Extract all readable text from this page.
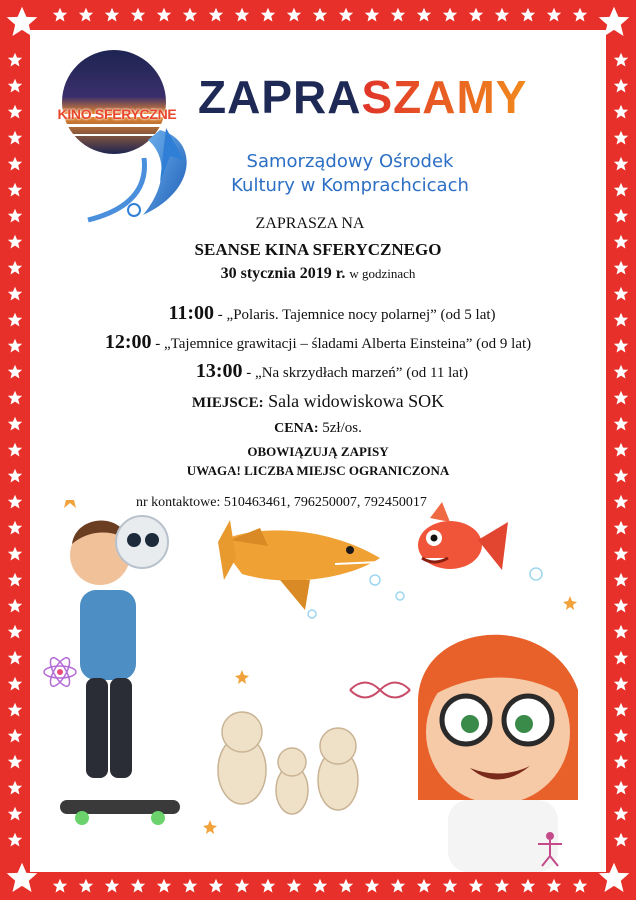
KINO SFERYCZNE ZAPRASZAMY
Samorządowy Ośrodek
Kultury w Komprachcicach
ZAPRASZA NA
SEANSE KINA SFERYCZNEGO
30 stycznia 2019 r. w godzinach
11:00 - „Polaris. Tajemnice nocy polarnej” (od 5 lat)
12:00 - „Tajemnice grawitacji – śladami Alberta Einsteina” (od 9 lat)
13:00 - „Na skrzydłach marzeń” (od 11 lat)
MIEJSCE: Sala widowiskowa SOK
CENA: 5zł/os.
OBOWIĄZUJĄ ZAPISY
UWAGA! LICZBA MIEJSC OGRANICZONA
nr kontaktowe: 510463461, 796250007, 792450017
